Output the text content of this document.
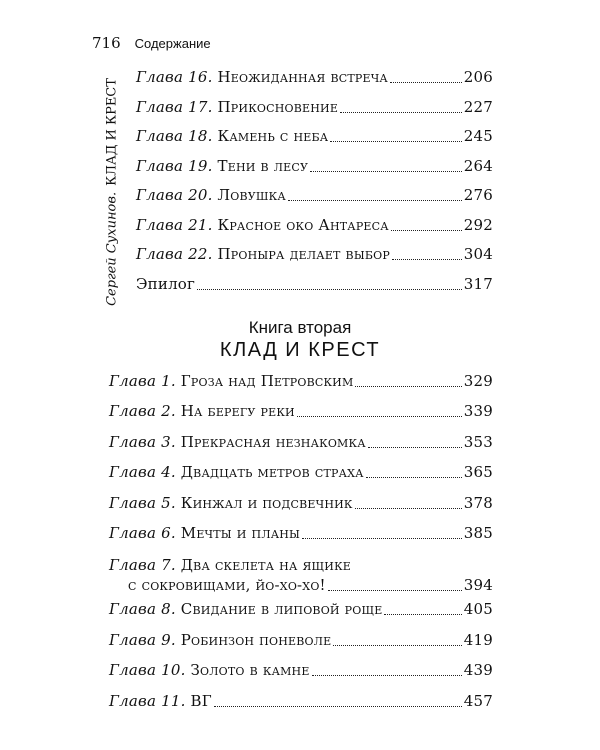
716 Содержание
Сергей Сухинов.
КЛАД И КРЕСТ
Глава 16. Неожиданная встреча	206
Глава 17. Прикосновение	227
Глава 18. Камень с неба	245
Глава 19. Тени в лесу	264
Глава 20. Ловушка	276
Глава 21. Красное око Антареса	292
Глава 22. Проныра делает выбор	304
Эпилог	317
Книга вторая
КЛАД И КРЕСТ
Глава 1. Гроза над Петровским	329
Глава 2. На берегу реки	339
Глава 3. Прекрасная незнакомка	353
Глава 4. Двадцать метров страха	365
Глава 5. Кинжал и подсвечник	378
Глава 6. Мечты и планы	385
Глава 7. Два скелета на ящике
с сокровищами, йо-хо-хо!	394
Глава 8. Свидание в липовой роще	405
Глава 9. Робинзон поневоле	419
Глава 10. Золото в камне	439
Глава 11. ВГ	457
